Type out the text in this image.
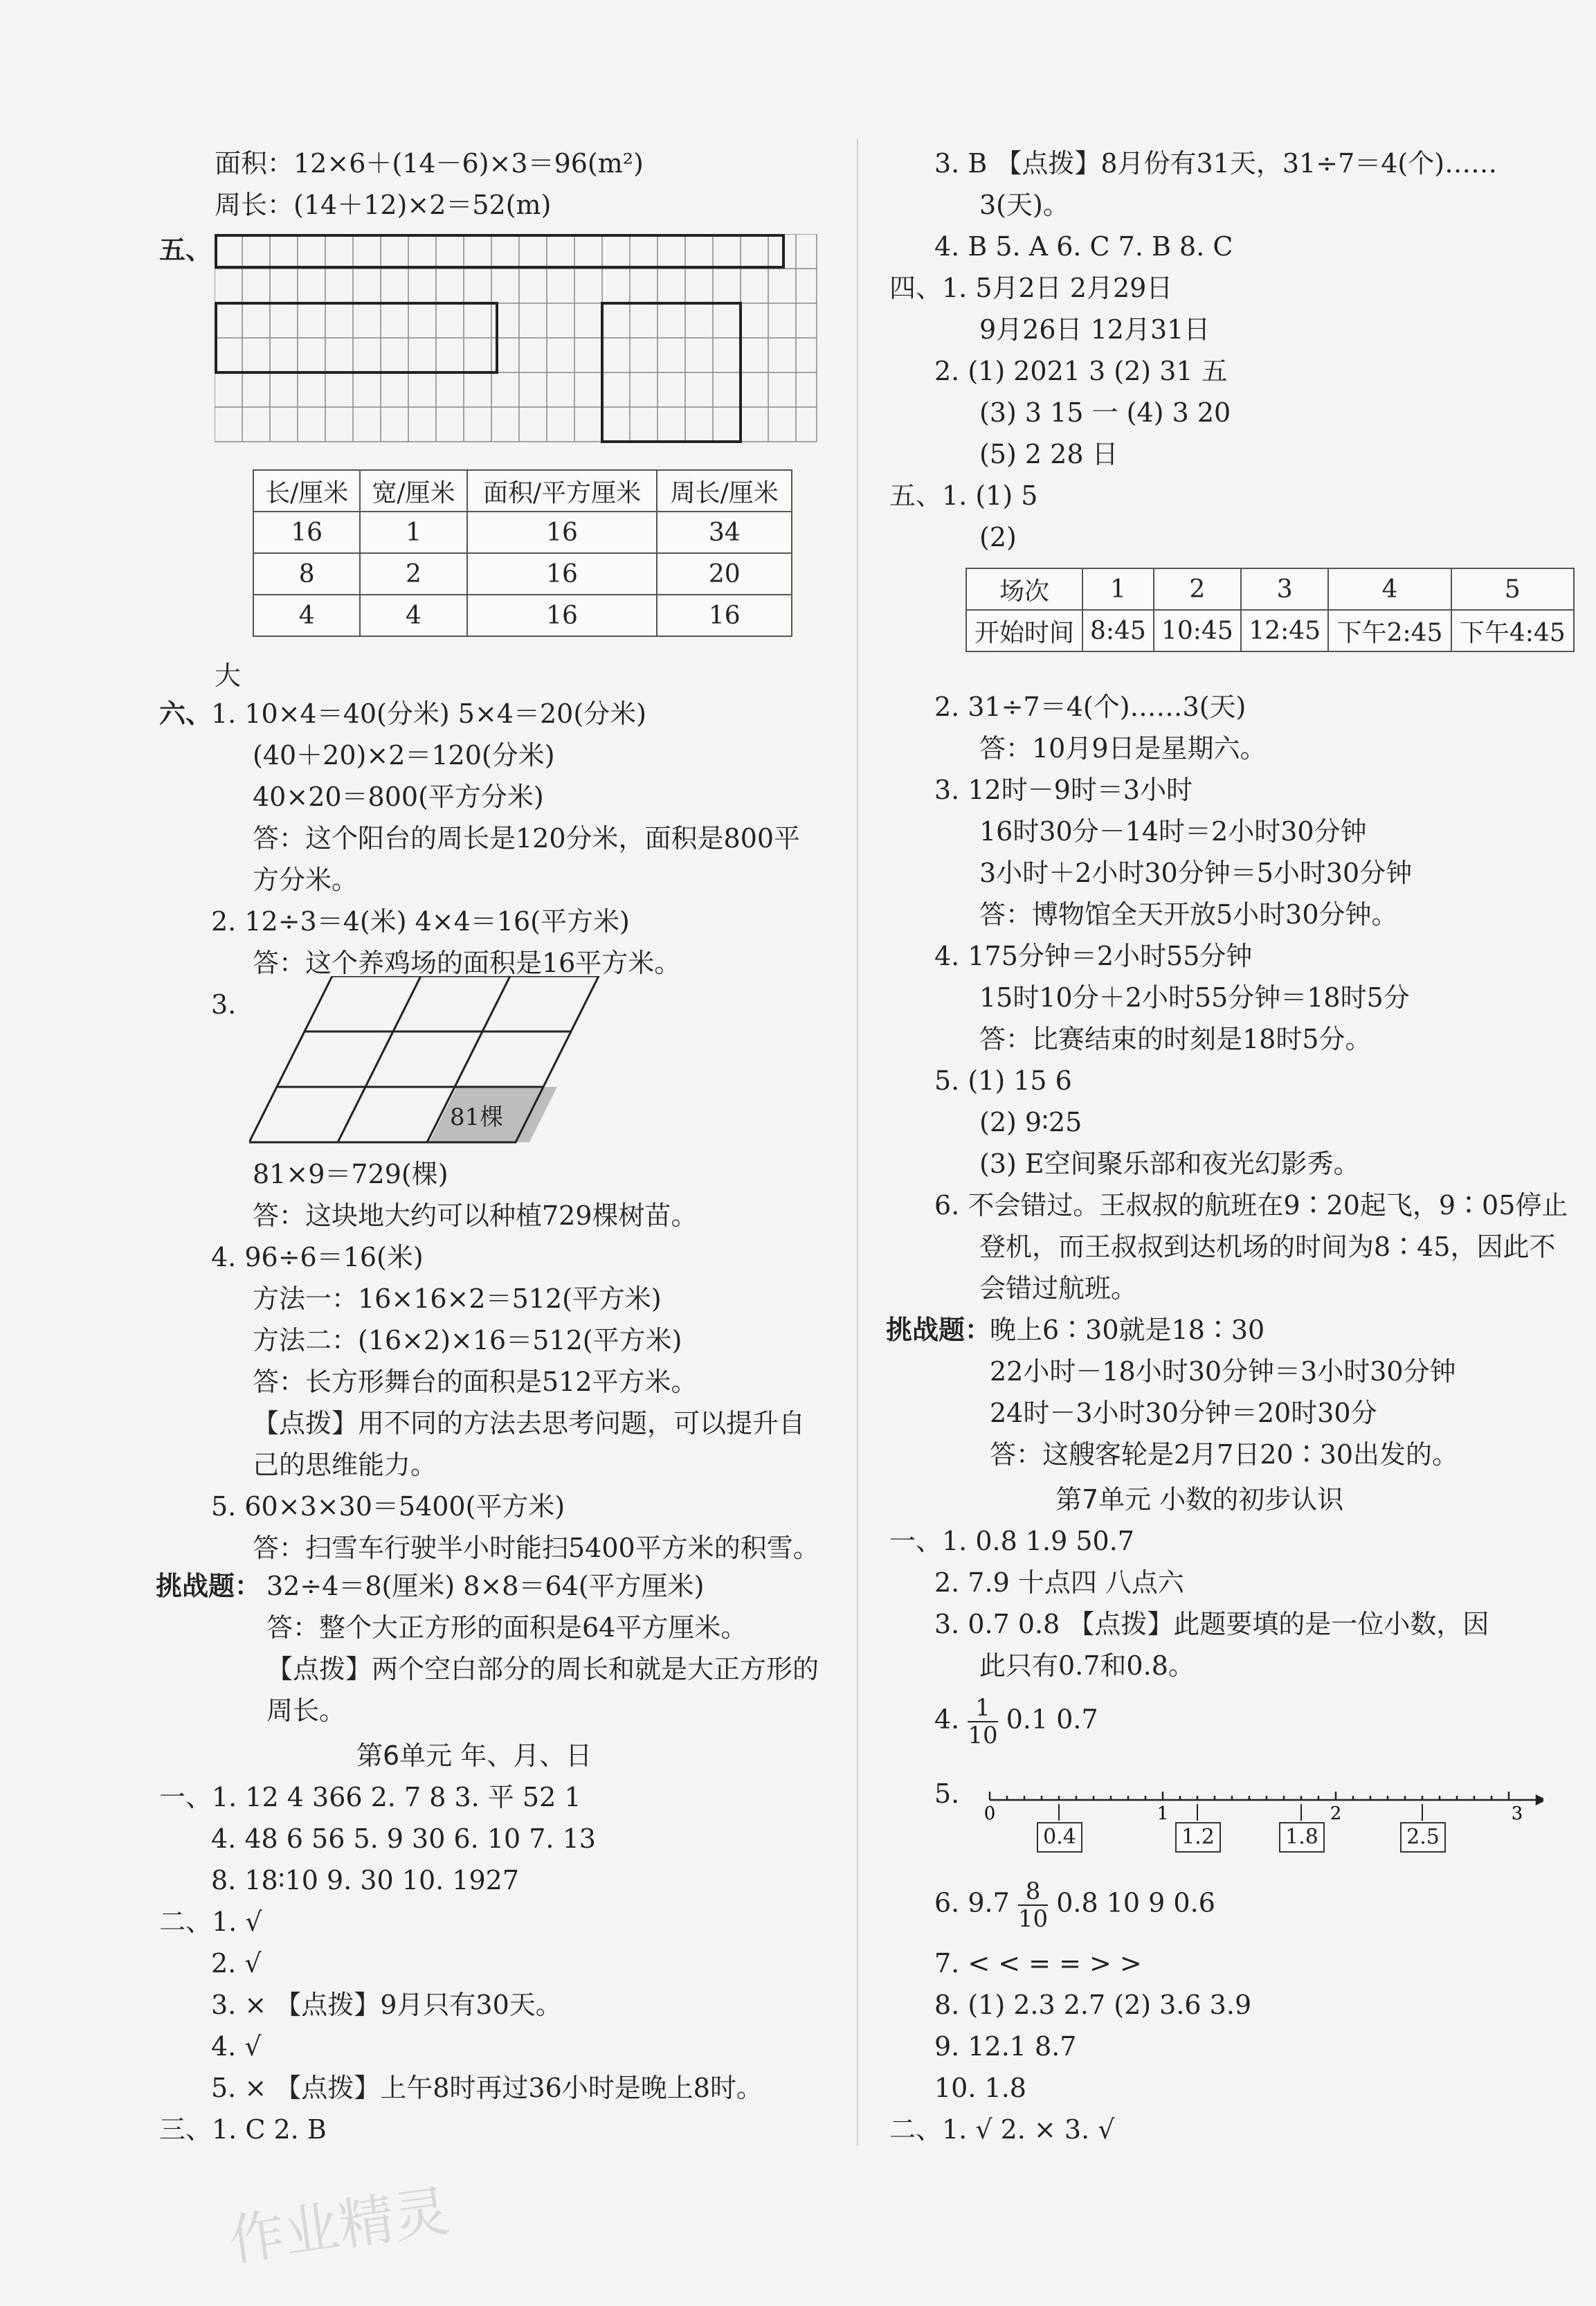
面积：12×6＋(14－6)×3＝96(m²)
周长：(14＋12)×2＝52(m)
五、
长/厘米	宽/厘米	面积/平方厘米	周长/厘米
16	1	16	34
8	2	16	20
4	4	16	16
大
六、
1. 10×4＝40(分米) 5×4＝20(分米)
(40＋20)×2＝120(分米)
40×20＝800(平方分米)
答：这个阳台的周长是120分米，面积是800平
方分米。
2. 12÷3＝4(米) 4×4＝16(平方米)
答：这个养鸡场的面积是16平方米。
3.
81棵
81×9＝729(棵)
答：这块地大约可以种植729棵树苗。
4. 96÷6＝16(米)
方法一：16×16×2＝512(平方米)
方法二：(16×2)×16＝512(平方米)
答：长方形舞台的面积是512平方米。
【点拨】用不同的方法去思考问题，可以提升自
己的思维能力。
5. 60×3×30＝5400(平方米)
答：扫雪车行驶半小时能扫5400平方米的积雪。
挑战题： 32÷4＝8(厘米) 8×8＝64(平方厘米)
答：整个大正方形的面积是64平方厘米。
【点拨】两个空白部分的周长和就是大正方形的
周长。
第6单元 年、月、日
一、1. 12 4 366 2. 7 8 3. 平 52 1
4. 48 6 56 5. 9 30 6. 10 7. 13
8. 18∶10 9. 30 10. 1927
二、1. √
2. √
3. × 【点拨】9月只有30天。
4. √
5. × 【点拨】上午8时再过36小时是晚上8时。
三、1. C 2. B
3. B 【点拨】8月份有31天，31÷7＝4(个)……
3(天)。
4. B 5. A 6. C 7. B 8. C
四、1. 5月2日 2月29日
9月26日 12月31日
2. (1) 2021 3 (2) 31 五
(3) 3 15 一 (4) 3 20
(5) 2 28 日
五、1. (1) 5
(2)
场次	1	2	3	4	5
开始时间	8:45	10:45	12:45	下午2:45	下午4:45
2. 31÷7＝4(个)……3(天)
答：10月9日是星期六。
3. 12时－9时＝3小时
16时30分－14时＝2小时30分钟
3小时＋2小时30分钟＝5小时30分钟
答：博物馆全天开放5小时30分钟。
4. 175分钟＝2小时55分钟
15时10分＋2小时55分钟＝18时5分
答：比赛结束的时刻是18时5分。
5. (1) 15 6
(2) 9∶25
(3) E空间聚乐部和夜光幻影秀。
6. 不会错过。王叔叔的航班在9∶20起飞，9∶05停止
登机，而王叔叔到达机场的时间为8∶45，因此不
会错过航班。
挑战题：
晚上6∶30就是18∶30
22小时－18小时30分钟＝3小时30分钟
24时－3小时30分钟＝20时30分
答：这艘客轮是2月7日20∶30出发的。
第7单元 小数的初步认识
一、1. 0.8 1.9 50.7
2. 7.9 十点四 八点六
3. 0.7 0.8 【点拨】此题要填的是一位小数，因
此只有0.7和0.8。
4. $\frac{1}{10} 0.1$ 0.7
5.
0	1	2	3
0.4	1.2	1.8	2.5
6. $9.7 \frac{8}{10} 0.8$ 10 9 0.6
7. < < = = > >
8. (1) 2.3 2.7 (2) 3.6 3.9
9. 12.1 8.7
10. 1.8
二、1. √ 2. × 3. √
作业精灵
